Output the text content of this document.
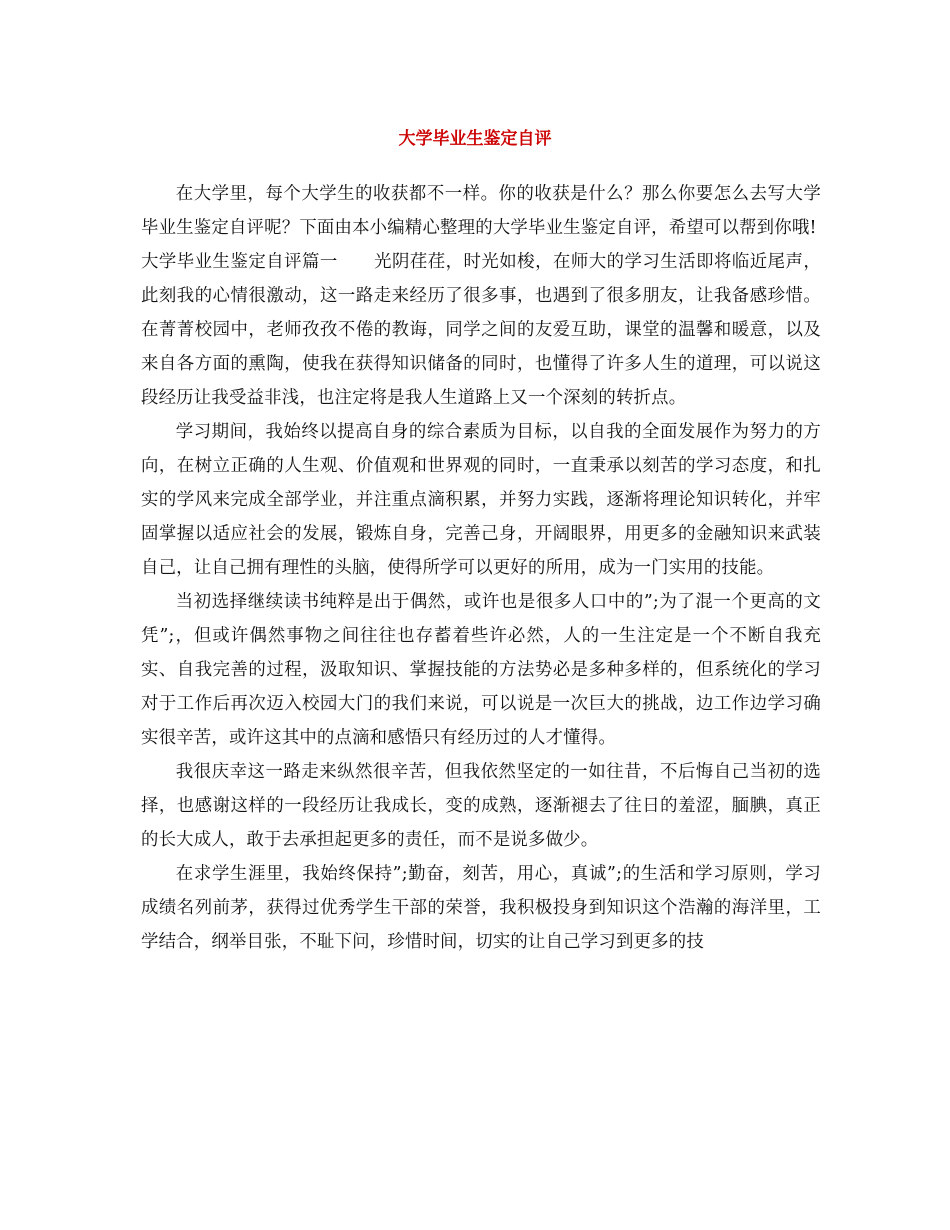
大学毕业生鉴定自评

在大学里，每个大学生的收获都不一样。你的收获是什么？那么你要怎么去写大学毕业生鉴定自评呢？下面由本小编精心整理的大学毕业生鉴定自评，希望可以帮到你哦!

大学毕业生鉴定自评篇一 光阴荏荏，时光如梭，在师大的学习生活即将临近尾声，此刻我的心情很激动，这一路走来经历了很多事，也遇到了很多朋友，让我备感珍惜。在菁菁校园中，老师孜孜不倦的教诲，同学之间的友爱互助，课堂的温馨和暖意，以及来自各方面的熏陶，使我在获得知识储备的同时，也懂得了许多人生的道理，可以说这段经历让我受益非浅，也注定将是我人生道路上又一个深刻的转折点。

学习期间，我始终以提高自身的综合素质为目标，以自我的全面发展作为努力的方向，在树立正确的人生观、价值观和世界观的同时，一直秉承以刻苦的学习态度，和扎实的学风来完成全部学业，并注重点滴积累，并努力实践，逐渐将理论知识转化，并牢固掌握以适应社会的发展，锻炼自身，完善己身，开阔眼界，用更多的金融知识来武装自己，让自己拥有理性的头脑，使得所学可以更好的所用，成为一门实用的技能。

当初选择继续读书纯粹是出于偶然，或许也是很多人口中的”;为了混一个更高的文凭”;，但或许偶然事物之间往往也存蓄着些许必然，人的一生注定是一个不断自我充实、自我完善的过程，汲取知识、掌握技能的方法势必是多种多样的，但系统化的学习对于工作后再次迈入校园大门的我们来说，可以说是一次巨大的挑战，边工作边学习确实很辛苦，或许这其中的点滴和感悟只有经历过的人才懂得。

我很庆幸这一路走来纵然很辛苦，但我依然坚定的一如往昔，不后悔自己当初的选择，也感谢这样的一段经历让我成长，变的成熟，逐渐褪去了往日的羞涩，腼腆，真正的长大成人，敢于去承担起更多的责任，而不是说多做少。

在求学生涯里，我始终保持”;勤奋，刻苦，用心，真诚”;的生活和学习原则，学习成绩名列前茅，获得过优秀学生干部的荣誉，我积极投身到知识这个浩瀚的海洋里，工学结合，纲举目张，不耻下问，珍惜时间，切实的让自己学习到更多的技
